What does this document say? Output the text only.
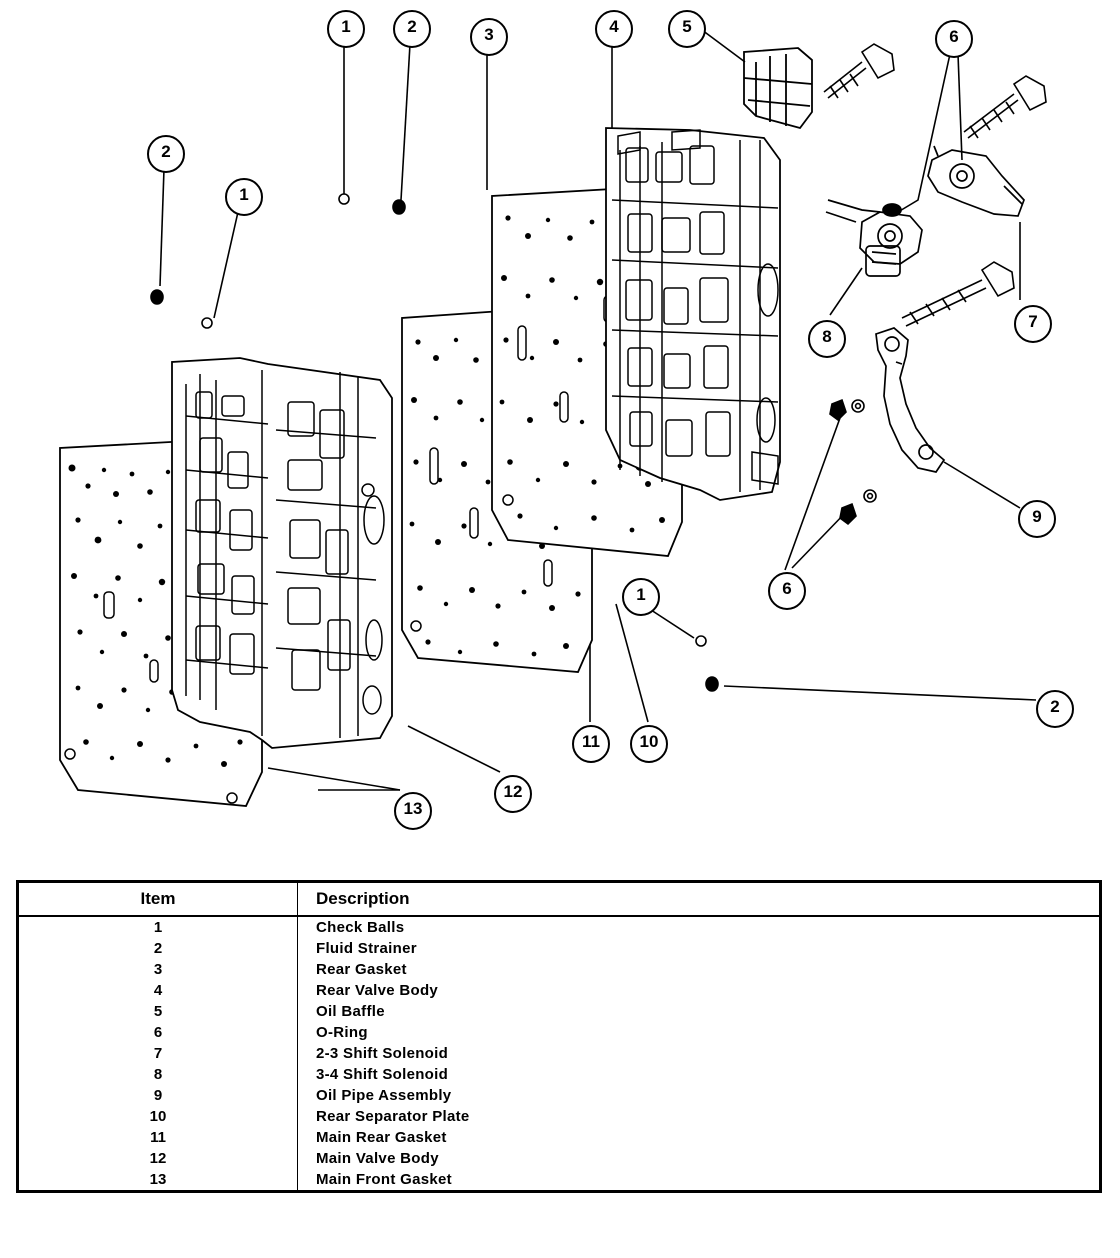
1	2	3	4	5
6
2
1
7
8
9
6
1
2
11	10
12
13
Item	Description
1	Check Balls
2	Fluid Strainer
3	Rear Gasket
4	Rear Valve Body
5	Oil Baffle
6	O-Ring
7	2-3 Shift Solenoid
8	3-4 Shift Solenoid
9	Oil Pipe Assembly
10	Rear Separator Plate
11	Main Rear Gasket
12	Main Valve Body
13	Main Front Gasket
